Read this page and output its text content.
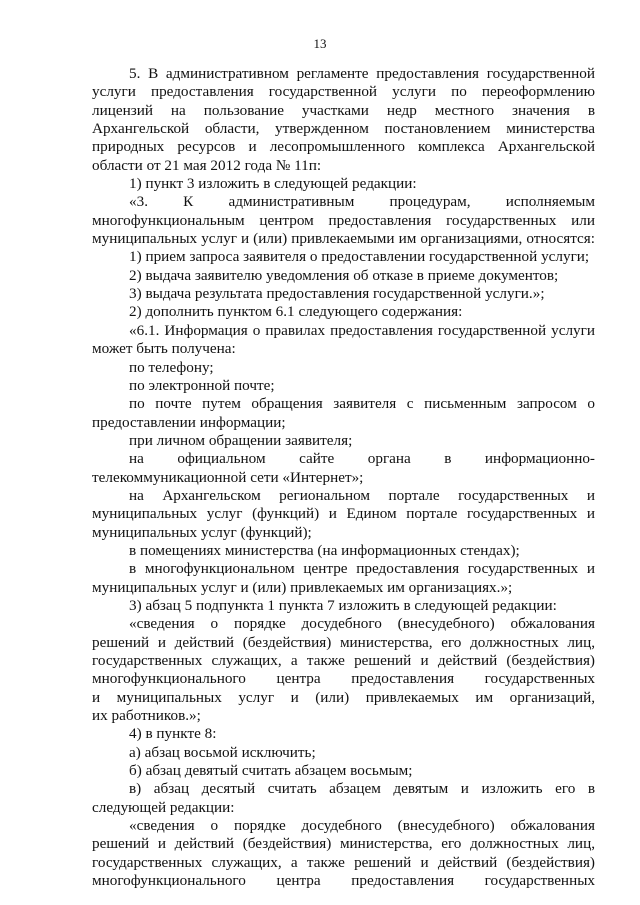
13
5. В административном регламенте предоставления государственной
услуги предоставления государственной услуги по переоформлению
лицензий на пользование участками недр местного значения в
Архангельской области, утвержденном постановлением министерства
природных ресурсов и лесопромышленного комплекса Архангельской
области от 21 мая 2012 года № 11п:
1) пункт 3 изложить в следующей редакции:
«3. К административным процедурам, исполняемым
многофункциональным центром предоставления государственных или
муниципальных услуг и (или) привлекаемыми им организациями, относятся:
1) прием запроса заявителя о предоставлении государственной услуги;
2) выдача заявителю уведомления об отказе в приеме документов;
3) выдача результата предоставления государственной услуги.»;
2) дополнить пунктом 6.1 следующего содержания:
«6.1. Информация о правилах предоставления государственной услуги
может быть получена:
по телефону;
по электронной почте;
по почте путем обращения заявителя с письменным запросом о
предоставлении информации;
при личном обращении заявителя;
на официальном сайте органа в информационно-
телекоммуникационной сети «Интернет»;
на Архангельском региональном портале государственных и
муниципальных услуг (функций) и Едином портале государственных и
муниципальных услуг (функций);
в помещениях министерства (на информационных стендах);
в многофункциональном центре предоставления государственных и
муниципальных услуг и (или) привлекаемых им организациях.»;
3) абзац 5 подпункта 1 пункта 7 изложить в следующей редакции:
«сведения о порядке досудебного (внесудебного) обжалования
решений и действий (бездействия) министерства, его должностных лиц,
государственных служащих, а также решений и действий (бездействия)
многофункционального центра предоставления государственных
и муниципальных услуг и (или) привлекаемых им организаций,
их работников.»;
4) в пункте 8:
а) абзац восьмой исключить;
б) абзац девятый считать абзацем восьмым;
в) абзац десятый считать абзацем девятым и изложить его в
следующей редакции:
«сведения о порядке досудебного (внесудебного) обжалования
решений и действий (бездействия) министерства, его должностных лиц,
государственных служащих, а также решений и действий (бездействия)
многофункционального центра предоставления государственных
